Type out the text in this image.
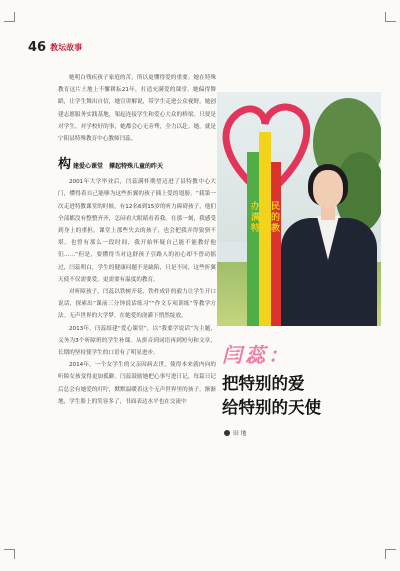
46 教坛故事

她明白残疾孩子家庭的苦，所以更懂得爱的重要。她在特殊教育这片土地上不懈耕耘21年，打造充满爱的课堂。她偏得舞蹈，让学生舞出自信，她宣讲解说，带学生走进公众视野，她创建志愿服务实践基地，架起连接学生和爱心大众的桥梁。只要是对学生，对学校好的事，她都会心无旁骛，全力以赴。她，就是宁阳县特殊教育中心教师闫蕊。

构 建爱心课堂　撑起特殊儿童的昨天

2001年大学毕业后，闫蕊满怀期望迈进了县特教中心大门，懂得着自己能够为这些折翼的孩子插上爱的翅膀。“我第一次走进特教课堂的时候，有12名6到15岁的听力障碍孩子，他们全部都没有整整齐齐，怎闷看大眼睛看着我。在那一刻，我感受到身上的重担。课堂上那些失去的孩子，也会把我弄得狼狈不堪。也曾有那么一段时间，我开始怀疑自己能不能教好他们……”但是，要懂得当对这群孩子引路人的初心却不曾动摇过，闫蕊明白，学生的健康问题不是缺陷，只是不同，这些折翼天使不仅需要爱，更需要有温度的教育。

对听障孩子，闫蕊以铁树开花、铁杵成针的毅力让学生开口说话，探索出“课前三分钟说话练习”“作文专项训练”等教学方法。无声世界的大学梦，在她爱的浇灌下悄然绽放。

2013年，闫蕊组建“爱心课堂”，以“我要学说话”为主题，义务为3个听障班的学生补课。从拼音到词语再到短句和文章，长期的坚持使学生的口语有了明显进步。

2014年，一个女学生的父亲因病去世，使得本来就内向的听障女孩变得更加孤僻。闫蕊鼓励她把心事写进日记，每篇日记后总会有她爱的叮咛，默默温暖着这个无声世界里的孩子。渐渐地，学生脸上的笑容多了，书面表达水平也在交流中

办人民满意的特殊教育
闫蕊：
把特别的爱
给特别的天使
田 地
